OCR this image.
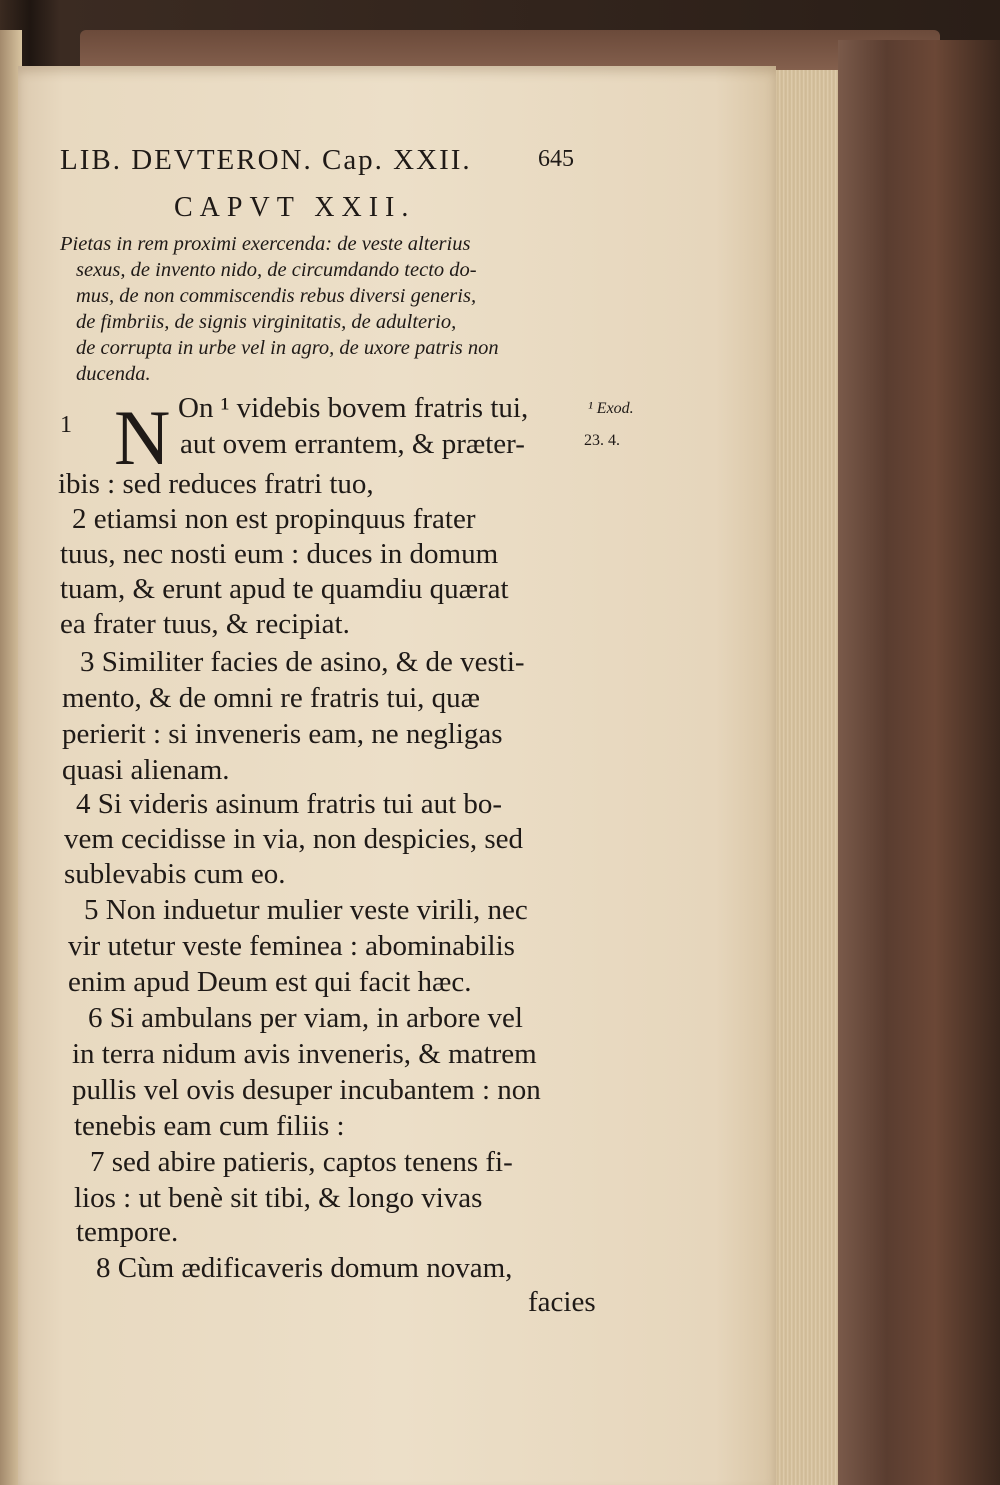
LIB. DEVTERON. Cap. XXII.	645
CAPVT XXII.
Pietas in rem proximi exercenda: de veste alterius
sexus, de invento nido, de circumdando tecto do-
mus, de non commiscendis rebus diversi generis,
de fimbriis, de signis virginitatis, de adulterio,
de corrupta in urbe vel in agro, de uxore patris non
ducenda.
1 N On ¹ videbis bovem fratris tui,
aut ovem errantem, & præter-
¹ Exod.
23. 4.
ibis : sed reduces fratri tuo,
2 etiamsi non est propinquus frater
tuus, nec nosti eum : duces in domum
tuam, & erunt apud te quamdiu quærat
ea frater tuus, & recipiat.
3 Similiter facies de asino, & de vesti-
mento, & de omni re fratris tui, quæ
perierit : si inveneris eam, ne negligas
quasi alienam.
4 Si videris asinum fratris tui aut bo-
vem cecidisse in via, non despicies, sed
sublevabis cum eo.
5 Non induetur mulier veste virili, nec
vir utetur veste feminea : abominabilis
enim apud Deum est qui facit hæc.
6 Si ambulans per viam, in arbore vel
in terra nidum avis inveneris, & matrem
pullis vel ovis desuper incubantem : non
tenebis eam cum filiis :
7 sed abire patieris, captos tenens fi-
lios : ut benè sit tibi, & longo vivas
tempore.
8 Cùm ædificaveris domum novam,
facies
